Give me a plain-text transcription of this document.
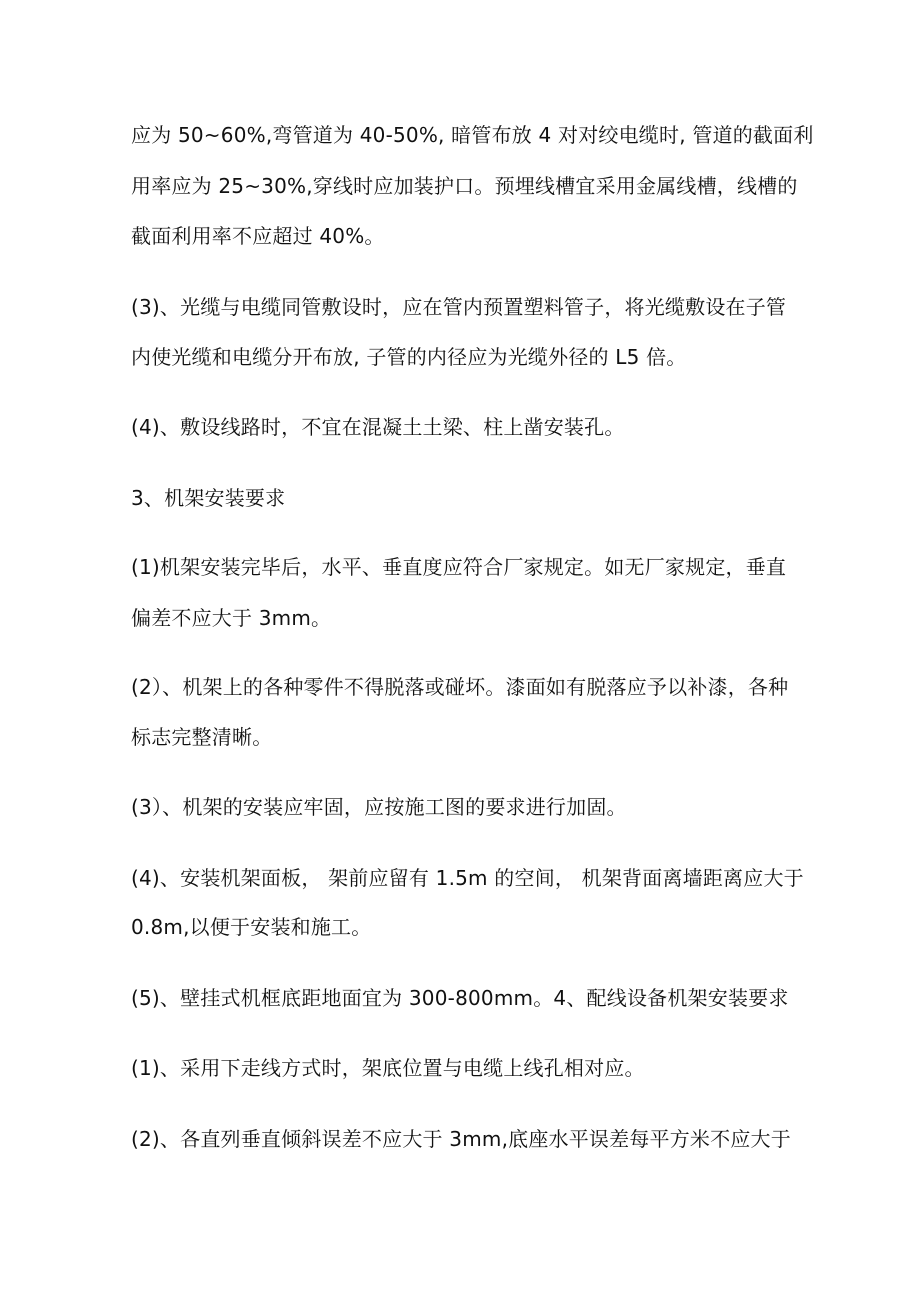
应为 50~60%,弯管道为 40-50%, 暗管布放 4 对对绞电缆时, 管道的截面利
用率应为 25~30%,穿线时应加装护口。预埋线槽宜采用金属线槽，线槽的
截面利用率不应超过 40%。
(3)、光缆与电缆同管敷设时，应在管内预置塑料管子，将光缆敷设在子管
内使光缆和电缆分开布放, 子管的内径应为光缆外径的 L5 倍。
(4)、敷设线路时，不宜在混凝土土梁、柱上凿安装孔。
3、机架安装要求
(1)机架安装完毕后，水平、垂直度应符合厂家规定。如无厂家规定，垂直
偏差不应大于 3mm。
(2）、机架上的各种零件不得脱落或碰坏。漆面如有脱落应予以补漆，各种
标志完整清晰。
(3）、机架的安装应牢固，应按施工图的要求进行加固。
(4)、安装机架面板， 架前应留有 1.5m 的空间， 机架背面离墙距离应大于
0.8m,以便于安装和施工。
(5)、壁挂式机框底距地面宜为 300-800mm。4、配线设备机架安装要求
(1)、采用下走线方式时，架底位置与电缆上线孔相对应。
(2)、各直列垂直倾斜误差不应大于 3mm,底座水平误差每平方米不应大于
